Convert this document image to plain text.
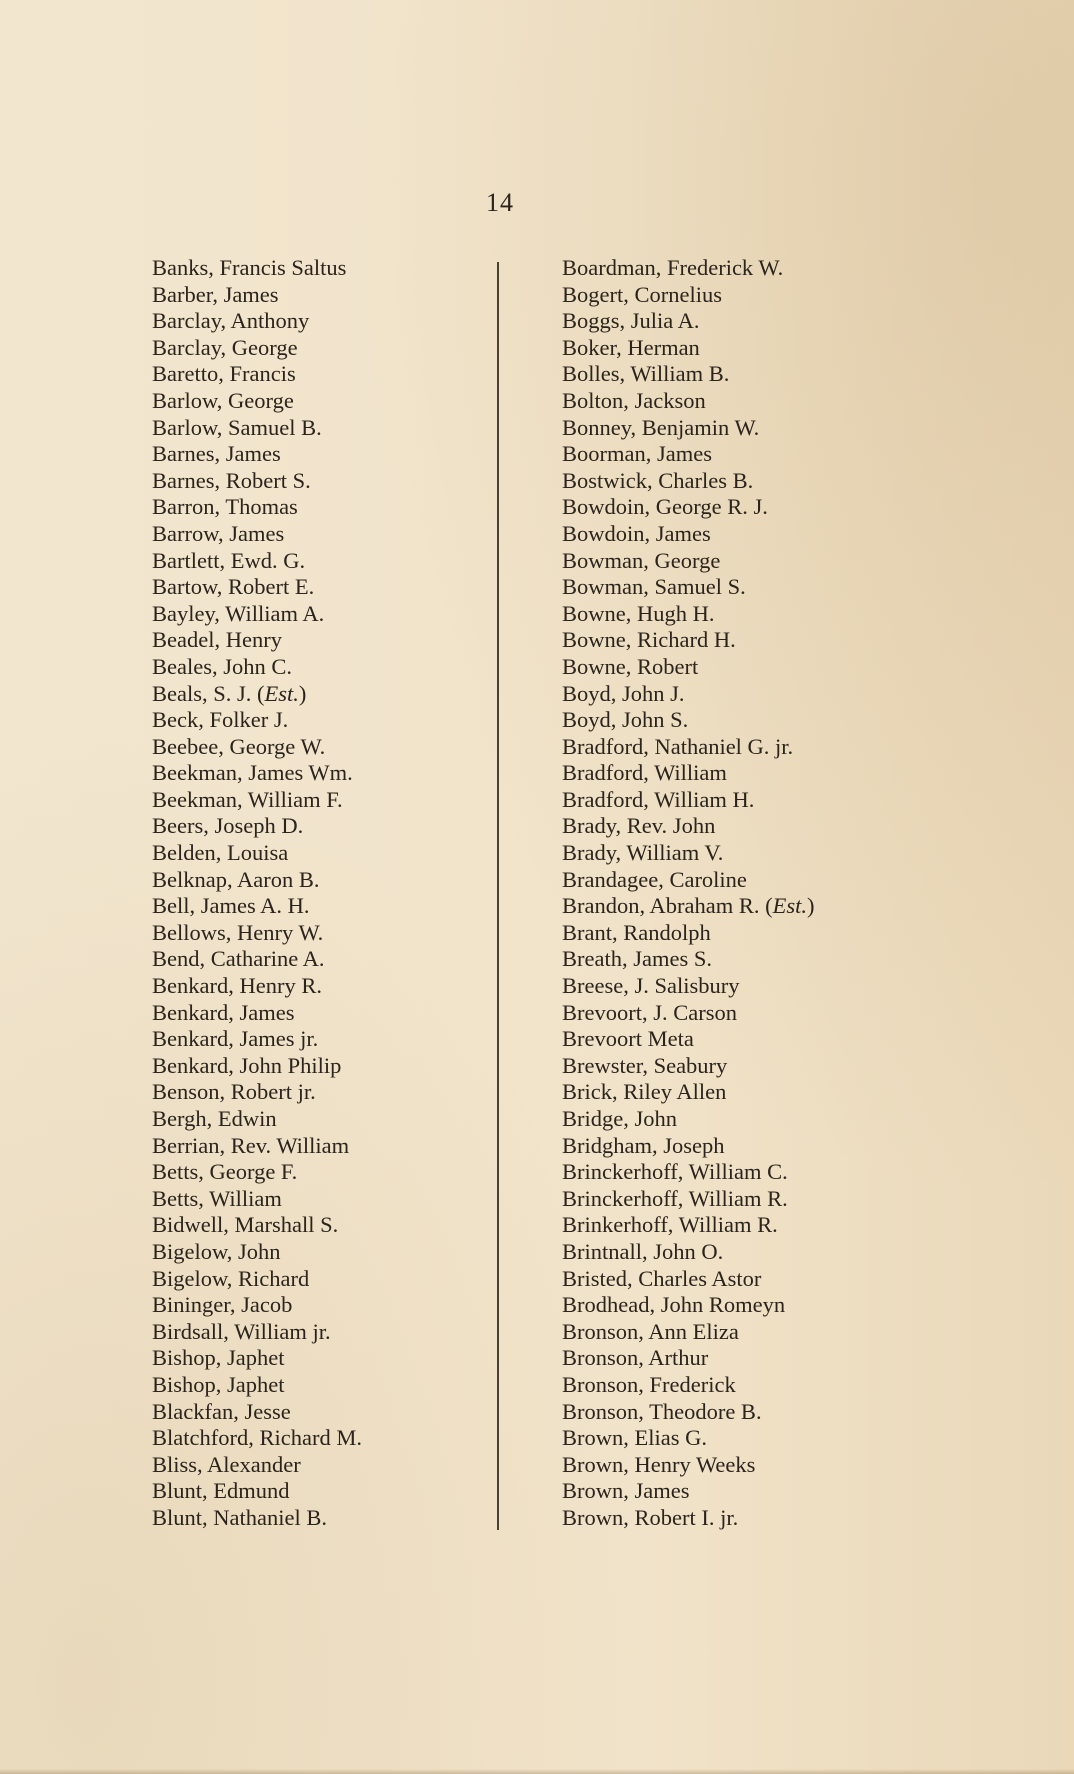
14
Banks, Francis Saltus
Barber, James
Barclay, Anthony
Barclay, George
Baretto, Francis
Barlow, George
Barlow, Samuel B.
Barnes, James
Barnes, Robert S.
Barron, Thomas
Barrow, James
Bartlett, Ewd. G.
Bartow, Robert E.
Bayley, William A.
Beadel, Henry
Beales, John C.
Beals, S. J. (Est.)
Beck, Folker J.
Beebee, George W.
Beekman, James Wm.
Beekman, William F.
Beers, Joseph D.
Belden, Louisa
Belknap, Aaron B.
Bell, James A. H.
Bellows, Henry W.
Bend, Catharine A.
Benkard, Henry R.
Benkard, James
Benkard, James jr.
Benkard, John Philip
Benson, Robert jr.
Bergh, Edwin
Berrian, Rev. William
Betts, George F.
Betts, William
Bidwell, Marshall S.
Bigelow, John
Bigelow, Richard
Bininger, Jacob
Birdsall, William jr.
Bishop, Japhet
Bishop, Japhet
Blackfan, Jesse
Blatchford, Richard M.
Bliss, Alexander
Blunt, Edmund
Blunt, Nathaniel B.
Boardman, Frederick W.
Bogert, Cornelius
Boggs, Julia A.
Boker, Herman
Bolles, William B.
Bolton, Jackson
Bonney, Benjamin W.
Boorman, James
Bostwick, Charles B.
Bowdoin, George R. J.
Bowdoin, James
Bowman, George
Bowman, Samuel S.
Bowne, Hugh H.
Bowne, Richard H.
Bowne, Robert
Boyd, John J.
Boyd, John S.
Bradford, Nathaniel G. jr.
Bradford, William
Bradford, William H.
Brady, Rev. John
Brady, William V.
Brandagee, Caroline
Brandon, Abraham R. (Est.)
Brant, Randolph
Breath, James S.
Breese, J. Salisbury
Brevoort, J. Carson
Brevoort Meta
Brewster, Seabury
Brick, Riley Allen
Bridge, John
Bridgham, Joseph
Brinckerhoff, William C.
Brinckerhoff, William R.
Brinkerhoff, William R.
Brintnall, John O.
Bristed, Charles Astor
Brodhead, John Romeyn
Bronson, Ann Eliza
Bronson, Arthur
Bronson, Frederick
Bronson, Theodore B.
Brown, Elias G.
Brown, Henry Weeks
Brown, James
Brown, Robert I. jr.
